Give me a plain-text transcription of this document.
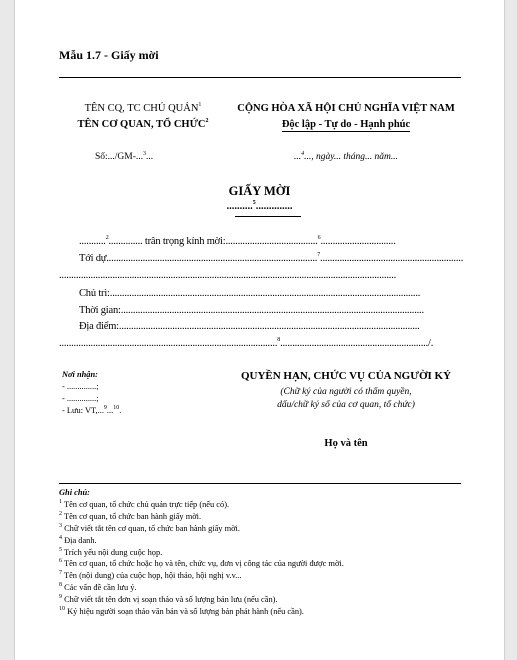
Mẫu 1.7 - Giấy mời
TÊN CQ, TC CHỦ QUẢN$^1$
TÊN CƠ QUAN, TỔ CHỨC$^2$
Số:.../GM-...$^3$...
CỘNG HÒA XÃ HỘI CHỦ NGHĨA VIỆT NAM
Độc lập - Tự do - Hạnh phúc
...$^4$..., ngày... tháng... năm...
GIẤY MỜI
..........$^5$..............
...........$^2$.............. trân trọng kính mời:......................................$^6$...............................
Tới dự.......................................................................................$^7$...........................................................
...........................................................................................................................................
Chủ trì:................................................................................................................................
Thời gian:.............................................................................................................................
Địa điểm:............................................................................................................................
..........................................................................................$^8$............................................................./.
Nơi nhận:
- ..............;
- ..............;
- Lưu: VT,...$^9$...$^{10}$.
QUYỀN HẠN, CHỨC VỤ CỦA NGƯỜI KÝ
(Chữ ký của người có thẩm quyền,
dấu/chữ ký số của cơ quan, tổ chức)
Họ và tên
Ghi chú:
$^1$ Tên cơ quan, tổ chức chủ quản trực tiếp (nếu có).
$^2$ Tên cơ quan, tổ chức ban hành giấy mời.
$^3$ Chữ viết tắt tên cơ quan, tổ chức ban hành giấy mời.
$^4$ Địa danh.
$^5$ Trích yếu nội dung cuộc họp.
$^6$ Tên cơ quan, tổ chức hoặc họ và tên, chức vụ, đơn vị công tác của người được mời.
$^7$ Tên (nội dung) của cuộc họp, hội thảo, hội nghị v.v...
$^8$ Các vấn đề cần lưu ý.
$^9$ Chữ viết tắt tên đơn vị soạn thảo và số lượng bản lưu (nếu cần).
$^{10}$ Ký hiệu người soạn thảo văn bản và số lượng bản phát hành (nếu cần).
